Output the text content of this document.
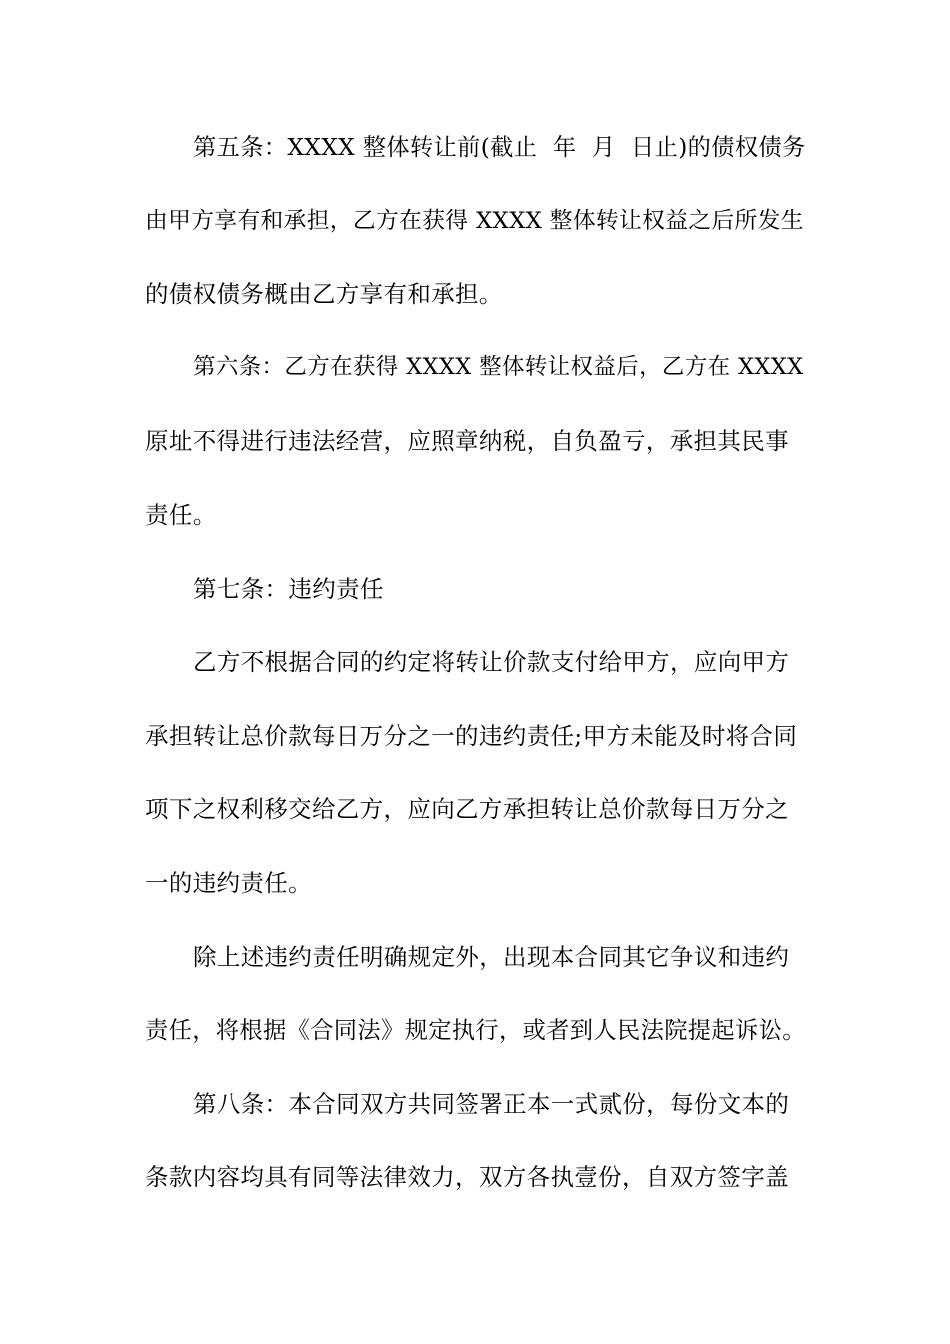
第五条：XXXX 整体转让前(截止  年  月  日止)的债权债务
由甲方享有和承担，乙方在获得 XXXX 整体转让权益之后所发生
的债权债务概由乙方享有和承担。
第六条：乙方在获得 XXXX 整体转让权益后，乙方在 XXXX
原址不得进行违法经营，应照章纳税，自负盈亏，承担其民事
责任。
第七条：违约责任
乙方不根据合同的约定将转让价款支付给甲方，应向甲方
承担转让总价款每日万分之一的违约责任;甲方未能及时将合同
项下之权利移交给乙方，应向乙方承担转让总价款每日万分之
一的违约责任。
除上述违约责任明确规定外，出现本合同其它争议和违约
责任，将根据《合同法》规定执行，或者到人民法院提起诉讼。
第八条：本合同双方共同签署正本一式贰份，每份文本的
条款内容均具有同等法律效力，双方各执壹份，自双方签字盖
